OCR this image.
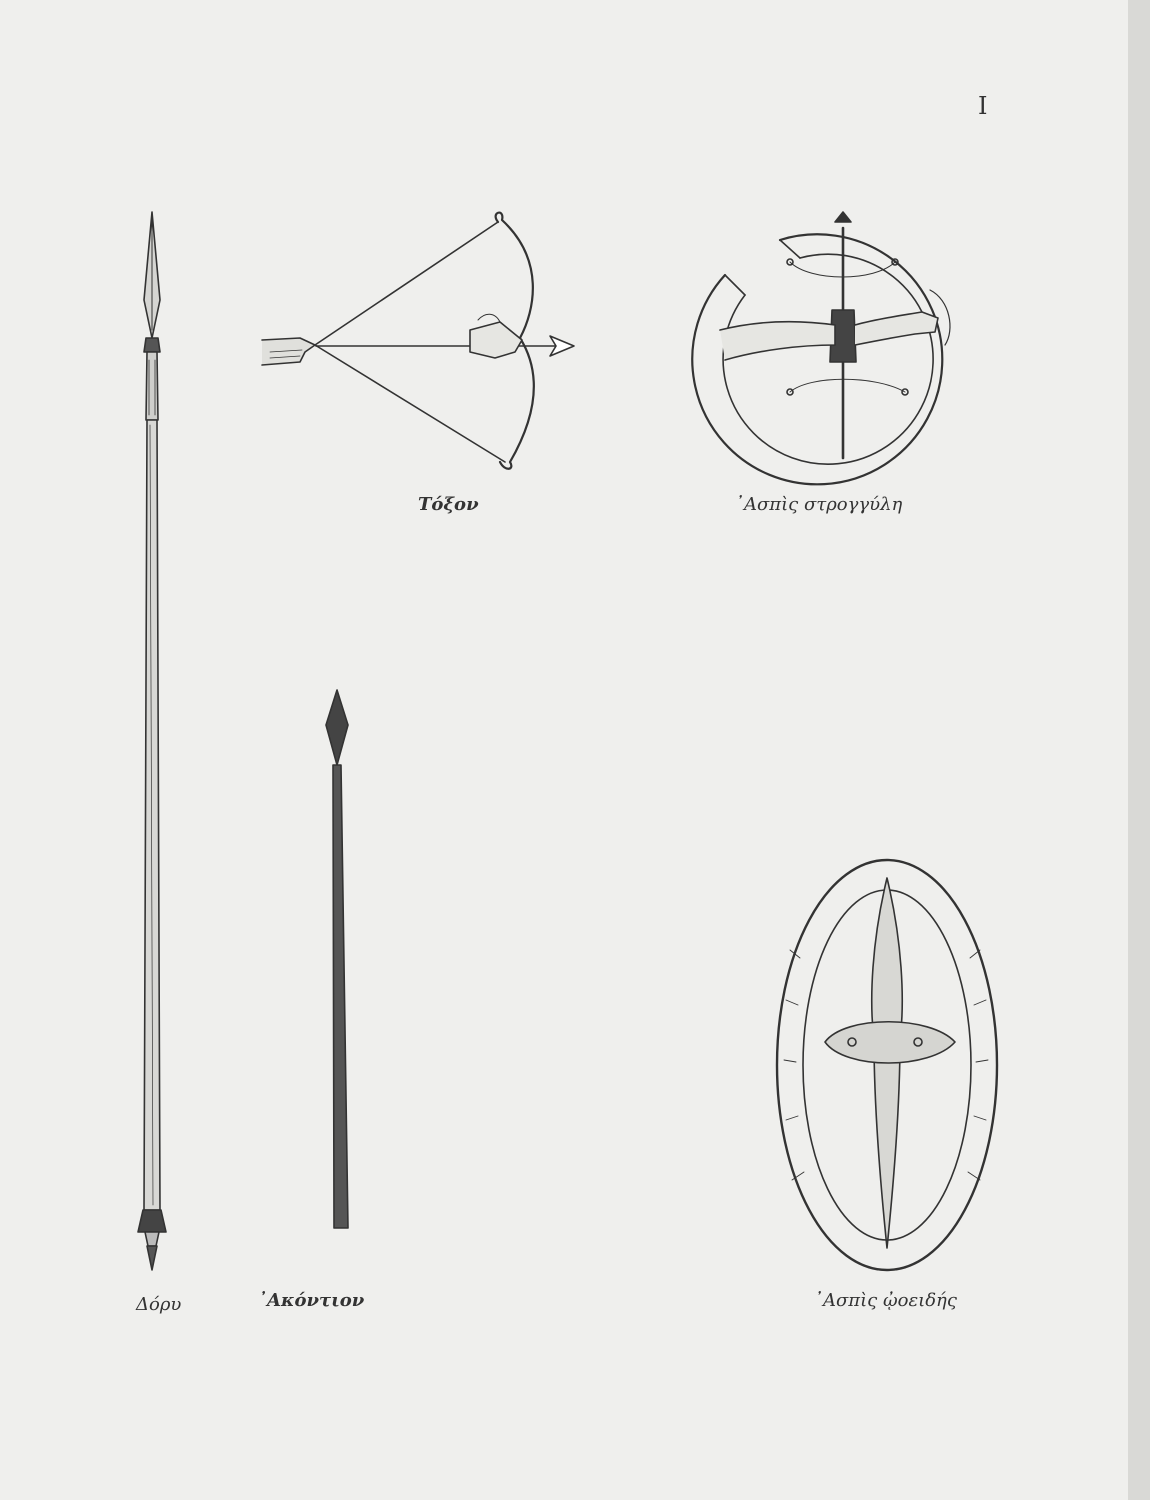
I
Δόρυ
Τόξον	᾿Ασπὶς στρογγύλη
᾿Ακόντιον	᾿Ασπὶς ᾠοειδής
